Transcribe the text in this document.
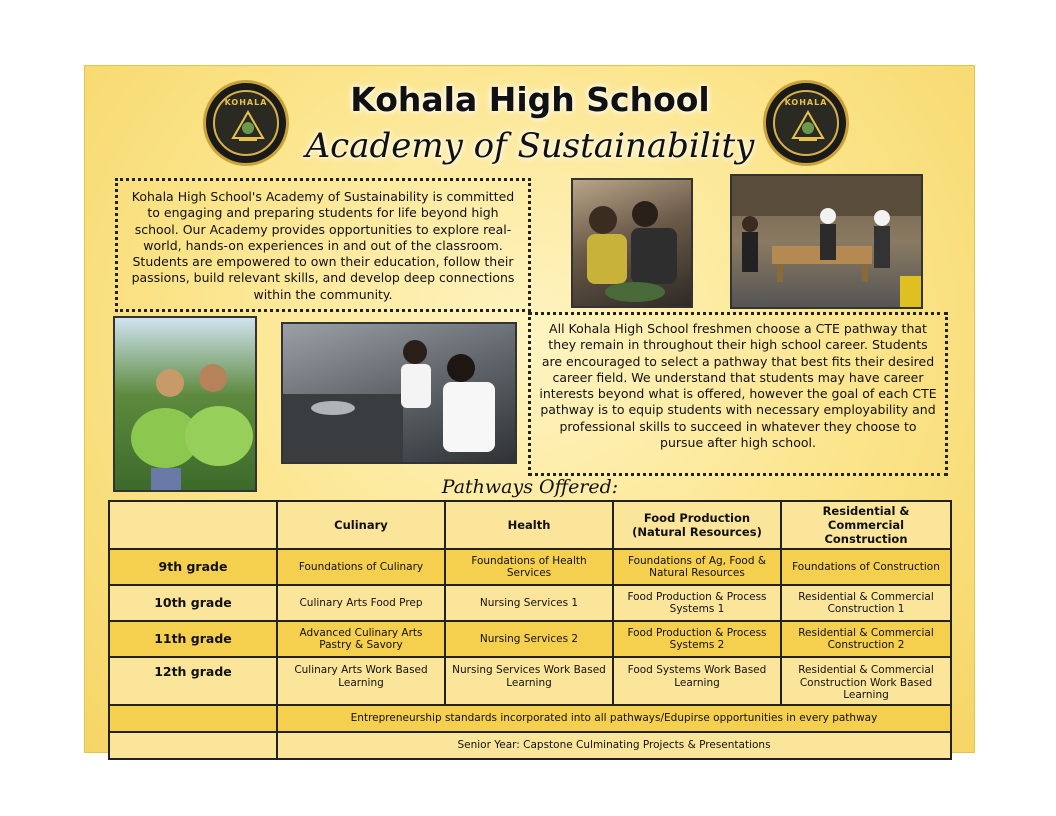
KOHALA	KOHALA
Kohala High School
Academy of Sustainability
Kohala High School's Academy of Sustainability is committed to engaging and preparing students for life beyond high school. Our Academy provides opportunities to explore real-world, hands-on experiences in and out of the classroom. Students are empowered to own their education, follow their passions, build relevant skills, and develop deep connections within the community.
All Kohala High School freshmen choose a CTE pathway that they remain in throughout their high school career. Students are encouraged to select a pathway that best fits their desired career field. We understand that students may have career interests beyond what is offered, however the goal of each CTE pathway is to equip students with necessary employability and professional skills to succeed in whatever they choose to pursue after high school.
Pathways Offered:
	Culinary	Health	Food Production (Natural Resources)	Residential & Commercial Construction
9th grade	Foundations of Culinary	Foundations of Health Services	Foundations of Ag, Food & Natural Resources	Foundations of Construction
10th grade	Culinary Arts Food Prep	Nursing Services 1	Food Production & Process Systems 1	Residential & Commercial Construction 1
11th grade	Advanced Culinary Arts Pastry & Savory	Nursing Services 2	Food Production & Process Systems 2	Residential & Commercial Construction 2
12th grade	Culinary Arts Work Based Learning	Nursing Services Work Based Learning	Food Systems Work Based Learning	Residential & Commercial Construction Work Based Learning
	Entrepreneurship standards incorporated into all pathways/Edupirse opportunities in every pathway			
	Senior Year: Capstone Culminating Projects & Presentations			
